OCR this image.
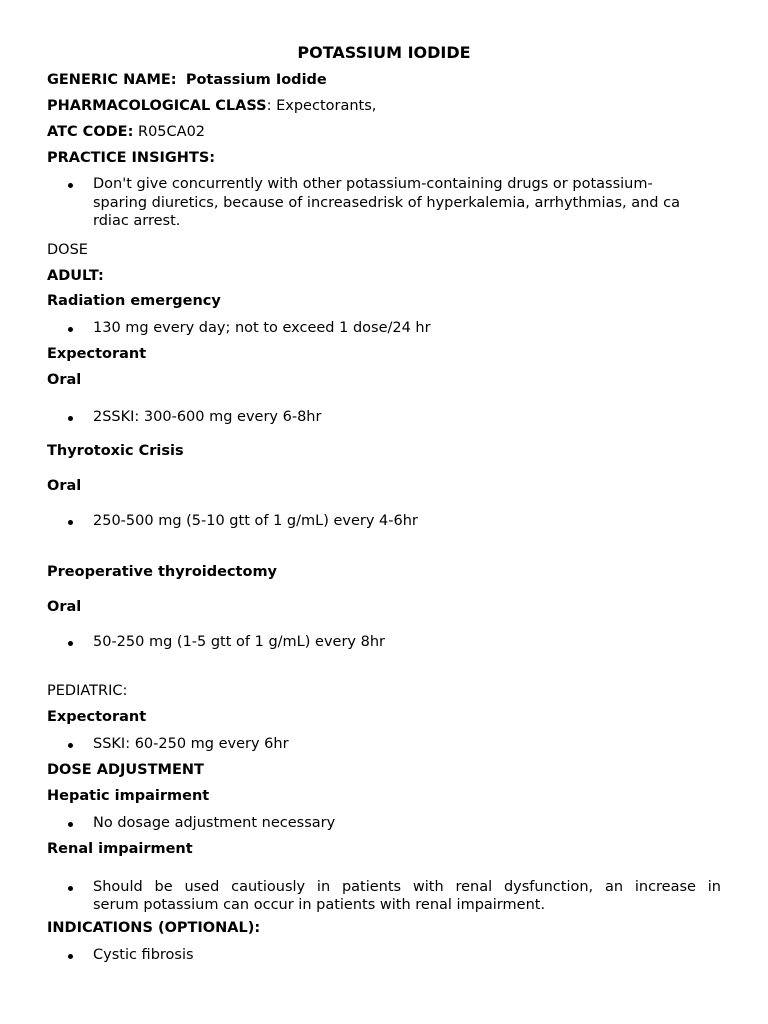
POTASSIUM IODIDE
GENERIC NAME: Potassium Iodide
PHARMACOLOGICAL CLASS: Expectorants,
ATC CODE: R05CA02
PRACTICE INSIGHTS:
Don't give concurrently with other potassium-containing drugs or potassium-
sparing diuretics, because of increasedrisk of hyperkalemia, arrhythmias, and ca
rdiac arrest.
DOSE
ADULT:
Radiation emergency
130 mg every day; not to exceed 1 dose/24 hr
Expectorant
Oral
2SSKI: 300-600 mg every 6-8hr
Thyrotoxic Crisis
Oral
250-500 mg (5-10 gtt of 1 g/mL) every 4-6hr
Preoperative thyroidectomy
Oral
50-250 mg (1-5 gtt of 1 g/mL) every 8hr
PEDIATRIC:
Expectorant
SSKI: 60-250 mg every 6hr
DOSE ADJUSTMENT
Hepatic impairment
No dosage adjustment necessary
Renal impairment
Should be used cautiously in patients with renal dysfunction, an increase in
serum potassium can occur in patients with renal impairment.
INDICATIONS (OPTIONAL):
Cystic fibrosis
